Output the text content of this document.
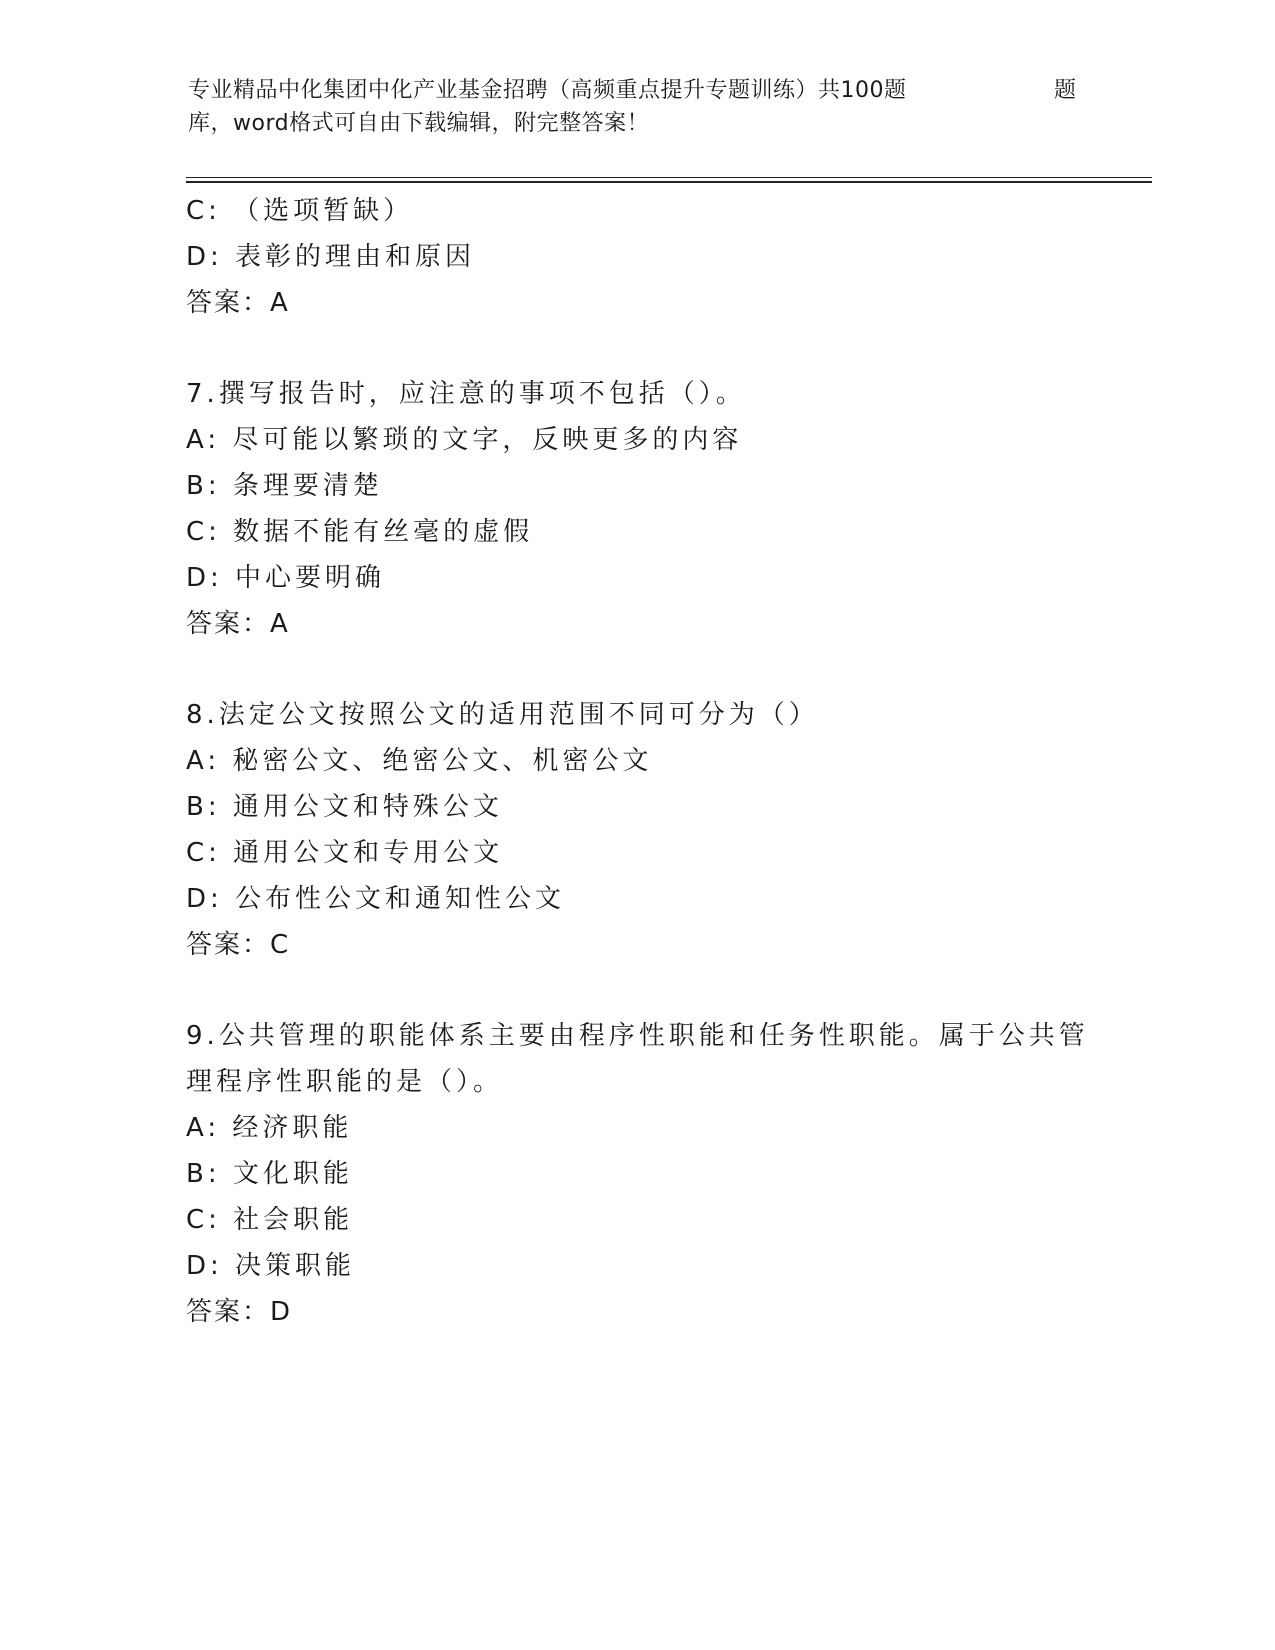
专业精品中化集团中化产业基金招聘（高频重点提升专题训练）共100题	题
库，word格式可自由下载编辑，附完整答案！
C: （选项暂缺）
D: 表彰的理由和原因
答案：A
7.撰写报告时，应注意的事项不包括（）。
A: 尽可能以繁琐的文字，反映更多的内容
B: 条理要清楚
C: 数据不能有丝毫的虚假
D: 中心要明确
答案：A
8.法定公文按照公文的适用范围不同可分为（）
A: 秘密公文、绝密公文、机密公文
B: 通用公文和特殊公文
C: 通用公文和专用公文
D: 公布性公文和通知性公文
答案：C
9.公共管理的职能体系主要由程序性职能和任务性职能。属于公共管
理程序性职能的是（）。
A: 经济职能
B: 文化职能
C: 社会职能
D: 决策职能
答案：D
